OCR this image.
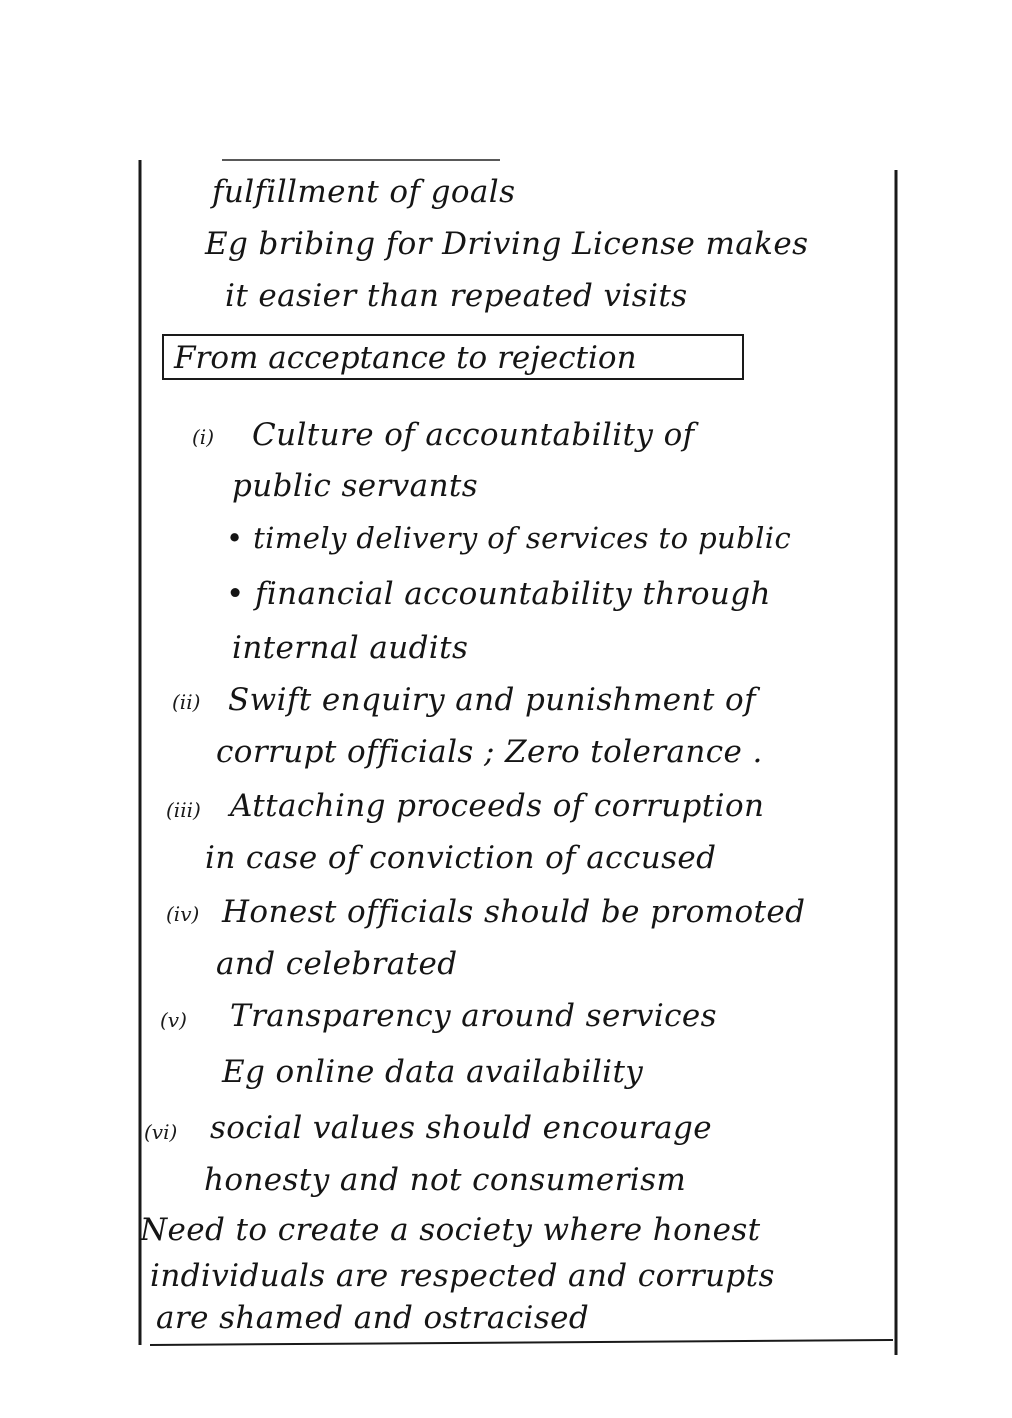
fulfillment of goals
Eg bribing for Driving License makes
it easier than repeated visits
From acceptance to rejection
(i) Culture of accountability of
public servants
• timely delivery of services to public
• financial accountability through
internal audits
(ii) Swift enquiry and punishment of
corrupt officials ; Zero tolerance .
(iii) Attaching proceeds of corruption
in case of conviction of accused
(iv) Honest officials should be promoted
and celebrated
(v) Transparency around services
Eg online data availability
(vi) social values should encourage
honesty and not consumerism
Need to create a society where honest
individuals are respected and corrupts
are shamed and ostracised
